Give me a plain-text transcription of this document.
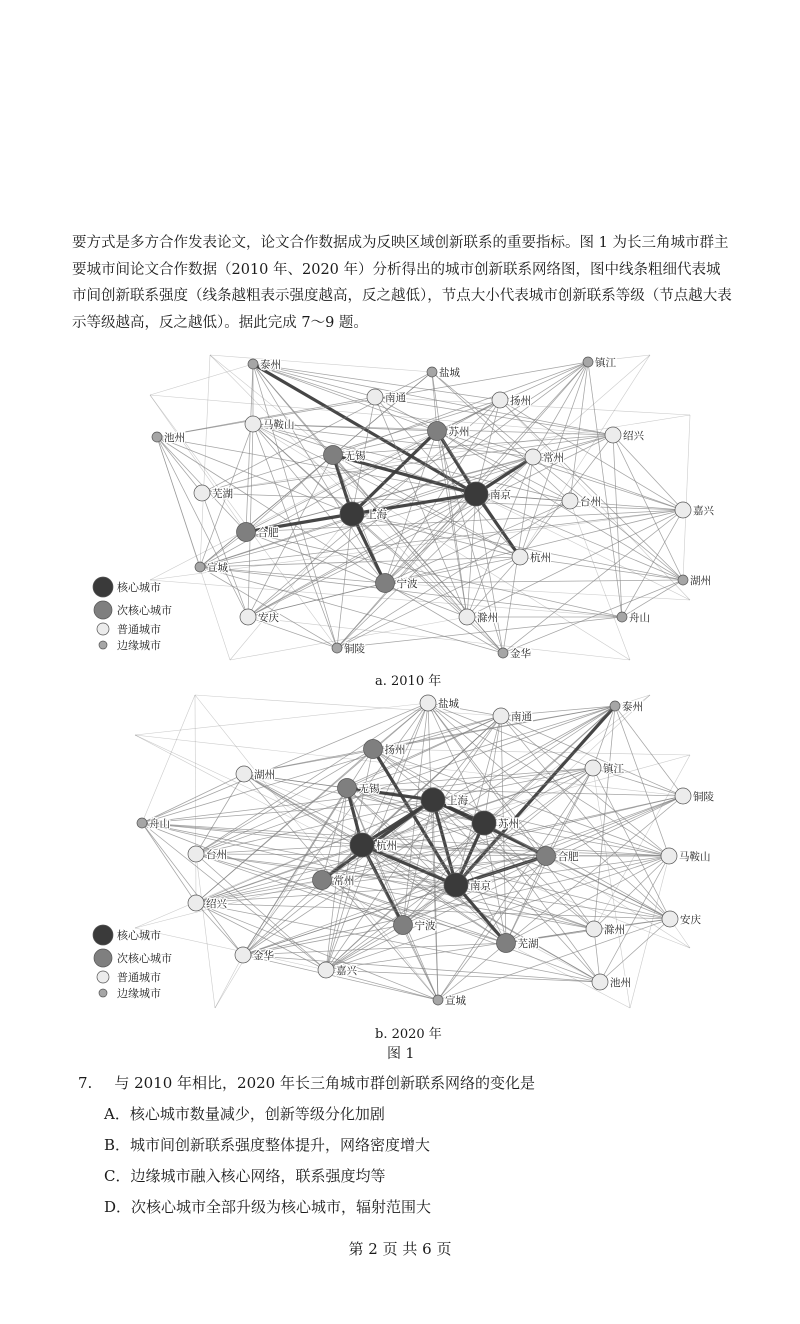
要方式是多方合作发表论文，论文合作数据成为反映区域创新联系的重要指标。图 1 为长三角城市群主要城市间论文合作数据（2010 年、2020 年）分析得出的城市创新联系网络图，图中线条粗细代表城市间创新联系强度（线条越粗表示强度越高，反之越低），节点大小代表城市创新联系等级（节点越大表示等级越高，反之越低）。据此完成 7～9 题。
泰州
盐城
镇江
南通	扬州
马鞍山
池州	苏州	绍兴
无锡	常州
芜湖	南京
台州
上海	嘉兴
合肥
宣城
杭州
湖州
宁波
安庆	滁州	舟山
铜陵	金华
核心城市
次核心城市
普通城市
边缘城市
盐城
南通
泰州
扬州
湖州	镇江
无锡
上海	铜陵
舟山	苏州
杭州
合肥	马鞍山
台州
常州	南京
绍兴
宁波	滁州
安庆
芜湖
金华
嘉兴
池州
宣城
核心城市
次核心城市
普通城市
边缘城市
a. 2010 年
b. 2020 年
图 1
7. 与 2010 年相比，2020 年长三角城市群创新联系网络的变化是
A．核心城市数量减少，创新等级分化加剧
B．城市间创新联系强度整体提升，网络密度增大
C．边缘城市融入核心网络，联系强度均等
D．次核心城市全部升级为核心城市，辐射范围大
第 2 页 共 6 页
